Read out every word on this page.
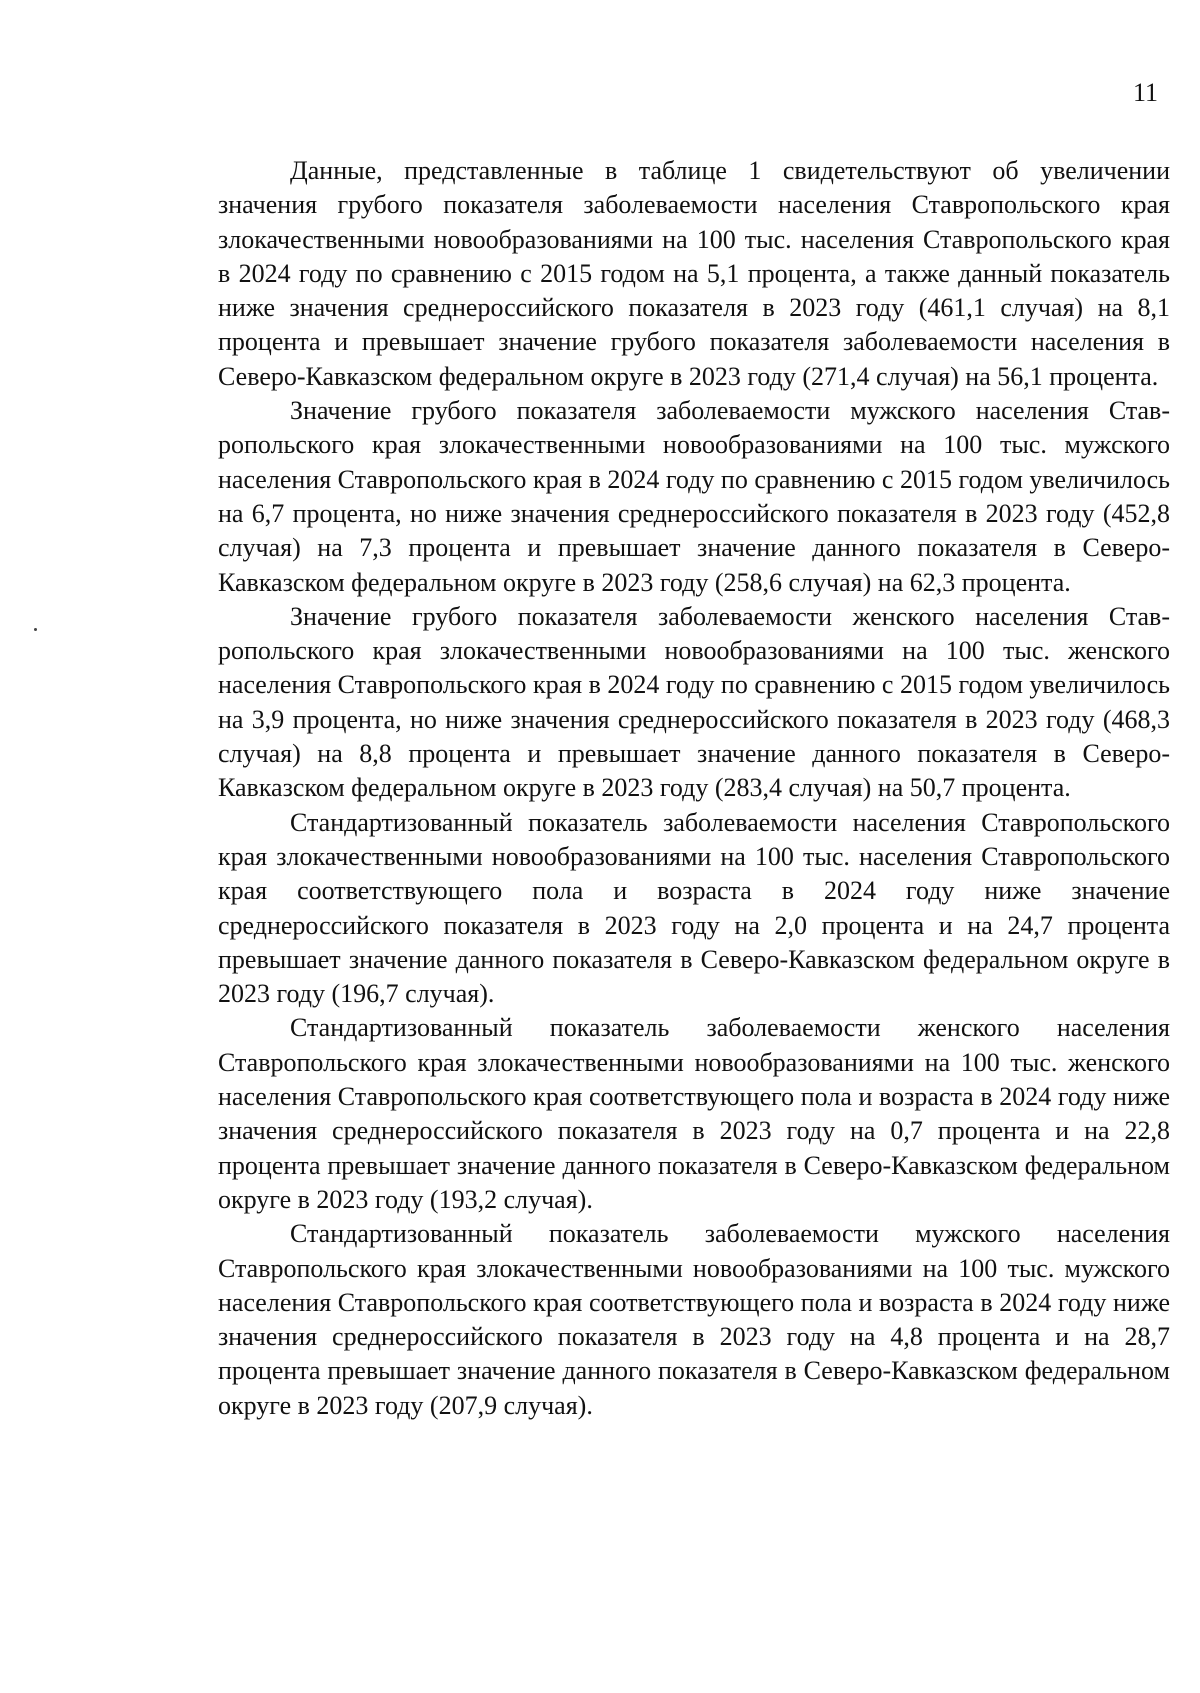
11

Данные, представленные в таблице 1 свидетельствуют об увеличении значения грубого показателя заболеваемости населения Ставропольского края злокачественными новообразованиями на 100 тыс. населения Ставропольского края в 2024 году по сравнению с 2015 годом на 5,1 процента, а также данный показатель ниже значения среднероссийского показателя в 2023 году (461,1 случая) на 8,1 процента и превышает значение грубого показателя заболеваемости населения в Северо-Кавказском федеральном округе в 2023 году (271,4 случая) на 56,1 процента.

Значение грубого показателя заболеваемости мужского населения Ставропольского края злокачественными новообразованиями на 100 тыс. мужского населения Ставропольского края в 2024 году по сравнению с 2015 годом увеличилось на 6,7 процента, но ниже значения среднероссийского показателя в 2023 году (452,8 случая) на 7,3 процента и превышает значение данного показателя в Северо-Кавказском федеральном округе в 2023 году (258,6 случая) на 62,3 процента.

Значение грубого показателя заболеваемости женского населения Ставропольского края злокачественными новообразованиями на 100 тыс. женского населения Ставропольского края в 2024 году по сравнению с 2015 годом увеличилось на 3,9 процента, но ниже значения среднероссийского показателя в 2023 году (468,3 случая) на 8,8 процента и превышает значение данного показателя в Северо-Кавказском федеральном округе в 2023 году (283,4 случая) на 50,7 процента.

Стандартизованный показатель заболеваемости населения Ставропольского края злокачественными новообразованиями на 100 тыс. населения Ставропольского края соответствующего пола и возраста в 2024 году ниже значение среднероссийского показателя в 2023 году на 2,0 процента и на 24,7 процента превышает значение данного показателя в Северо-Кавказском федеральном округе в 2023 году (196,7 случая).

Стандартизованный показатель заболеваемости женского населения Ставропольского края злокачественными новообразованиями на 100 тыс. женского населения Ставропольского края соответствующего пола и возраста в 2024 году ниже значения среднероссийского показателя в 2023 году на 0,7 процента и на 22,8 процента превышает значение данного показателя в Северо-Кавказском федеральном округе в 2023 году (193,2 случая).

Стандартизованный показатель заболеваемости мужского населения Ставропольского края злокачественными новообразованиями на 100 тыс. мужского населения Ставропольского края соответствующего пола и возраста в 2024 году ниже значения среднероссийского показателя в 2023 году на 4,8 процента и на 28,7 процента превышает значение данного показателя в Северо-Кавказском федеральном округе в 2023 году (207,9 случая).
